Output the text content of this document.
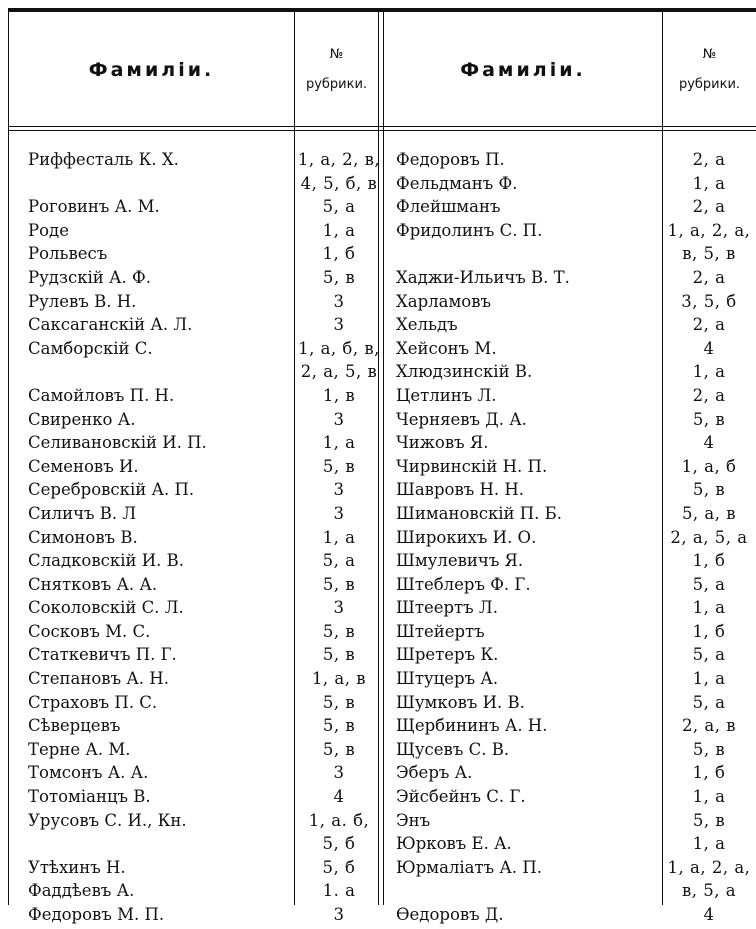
Фамилiи.
№
рубрики.
Фамилiи.
№
рубрики.
Риффесталь К. Х.	1, а, 2, в,
4, 5, б, в
Роговинъ А. М.	5, а
Роде	1, а
Рольвесъ	1, б
Рудзскiй А. Ф.	5, в
Рулевъ В. Н.	3
Саксаганскiй А. Л.	3
Самборскiй С.	1, а, б, в,
2, а, 5, в
Самойловъ П. Н.	1, в
Свиренко А.	3
Селивановскiй И. П.	1, а
Семеновъ И.	5, в
Серебровскiй А. П.	3
Силичъ В. Л	3
Симоновъ В.	1, а
Сладковскiй И. В.	5, а
Снятковъ А. А.	5, в
Соколовскiй С. Л.	3
Сосковъ М. С.	5, в
Статкевичъ П. Г.	5, в
Степановъ А. Н.	1, а, в
Страховъ П. С.	5, в
Сѣверцевъ	5, в
Терне А. М.	5, в
Томсонъ А. А.	3
Тотомiанцъ В.	4
Урусовъ С. И., Кн.	1, а. б,
5, б
Утѣхинъ Н.	5, б
Фаддѣевъ А.	1. а
Федоровъ М. П.	3
Федоровъ П.	2, а
Фельдманъ Ф.	1, а
Флейшманъ	2, а
Фридолинъ С. П.	1, а, 2, а,
в, 5, в
Хаджи-Ильичъ В. Т.	2, а
Харламовъ	3, 5, б
Хельдъ	2, а
Хейсонъ М.	4
Хлюдзинскiй В.	1, а
Цетлинъ Л.	2, а
Черняевъ Д. А.	5, в
Чижовъ Я.	4
Чирвинскiй Н. П.	1, а, б
Шавровъ Н. Н.	5, в
Шимановскiй П. Б.	5, а, в
Широкихъ И. О.	2, а, 5, а
Шмулевичъ Я.	1, б
Штеблеръ Ф. Г.	5, а
Штеертъ Л.	1, а
Штейертъ	1, б
Шретеръ К.	5, а
Штуцеръ А.	1, а
Шумковъ И. В.	5, а
Щербининъ А. Н.	2, а, в
Щусевъ С. В.	5, в
Эберъ А.	1, б
Эйсбейнъ С. Г.	1, а
Энъ	5, в
Юрковъ Е. А.	1, а
Юрмалiатъ А. П.	1, а, 2, а,
в, 5, а
Өедоровъ Д.	4
